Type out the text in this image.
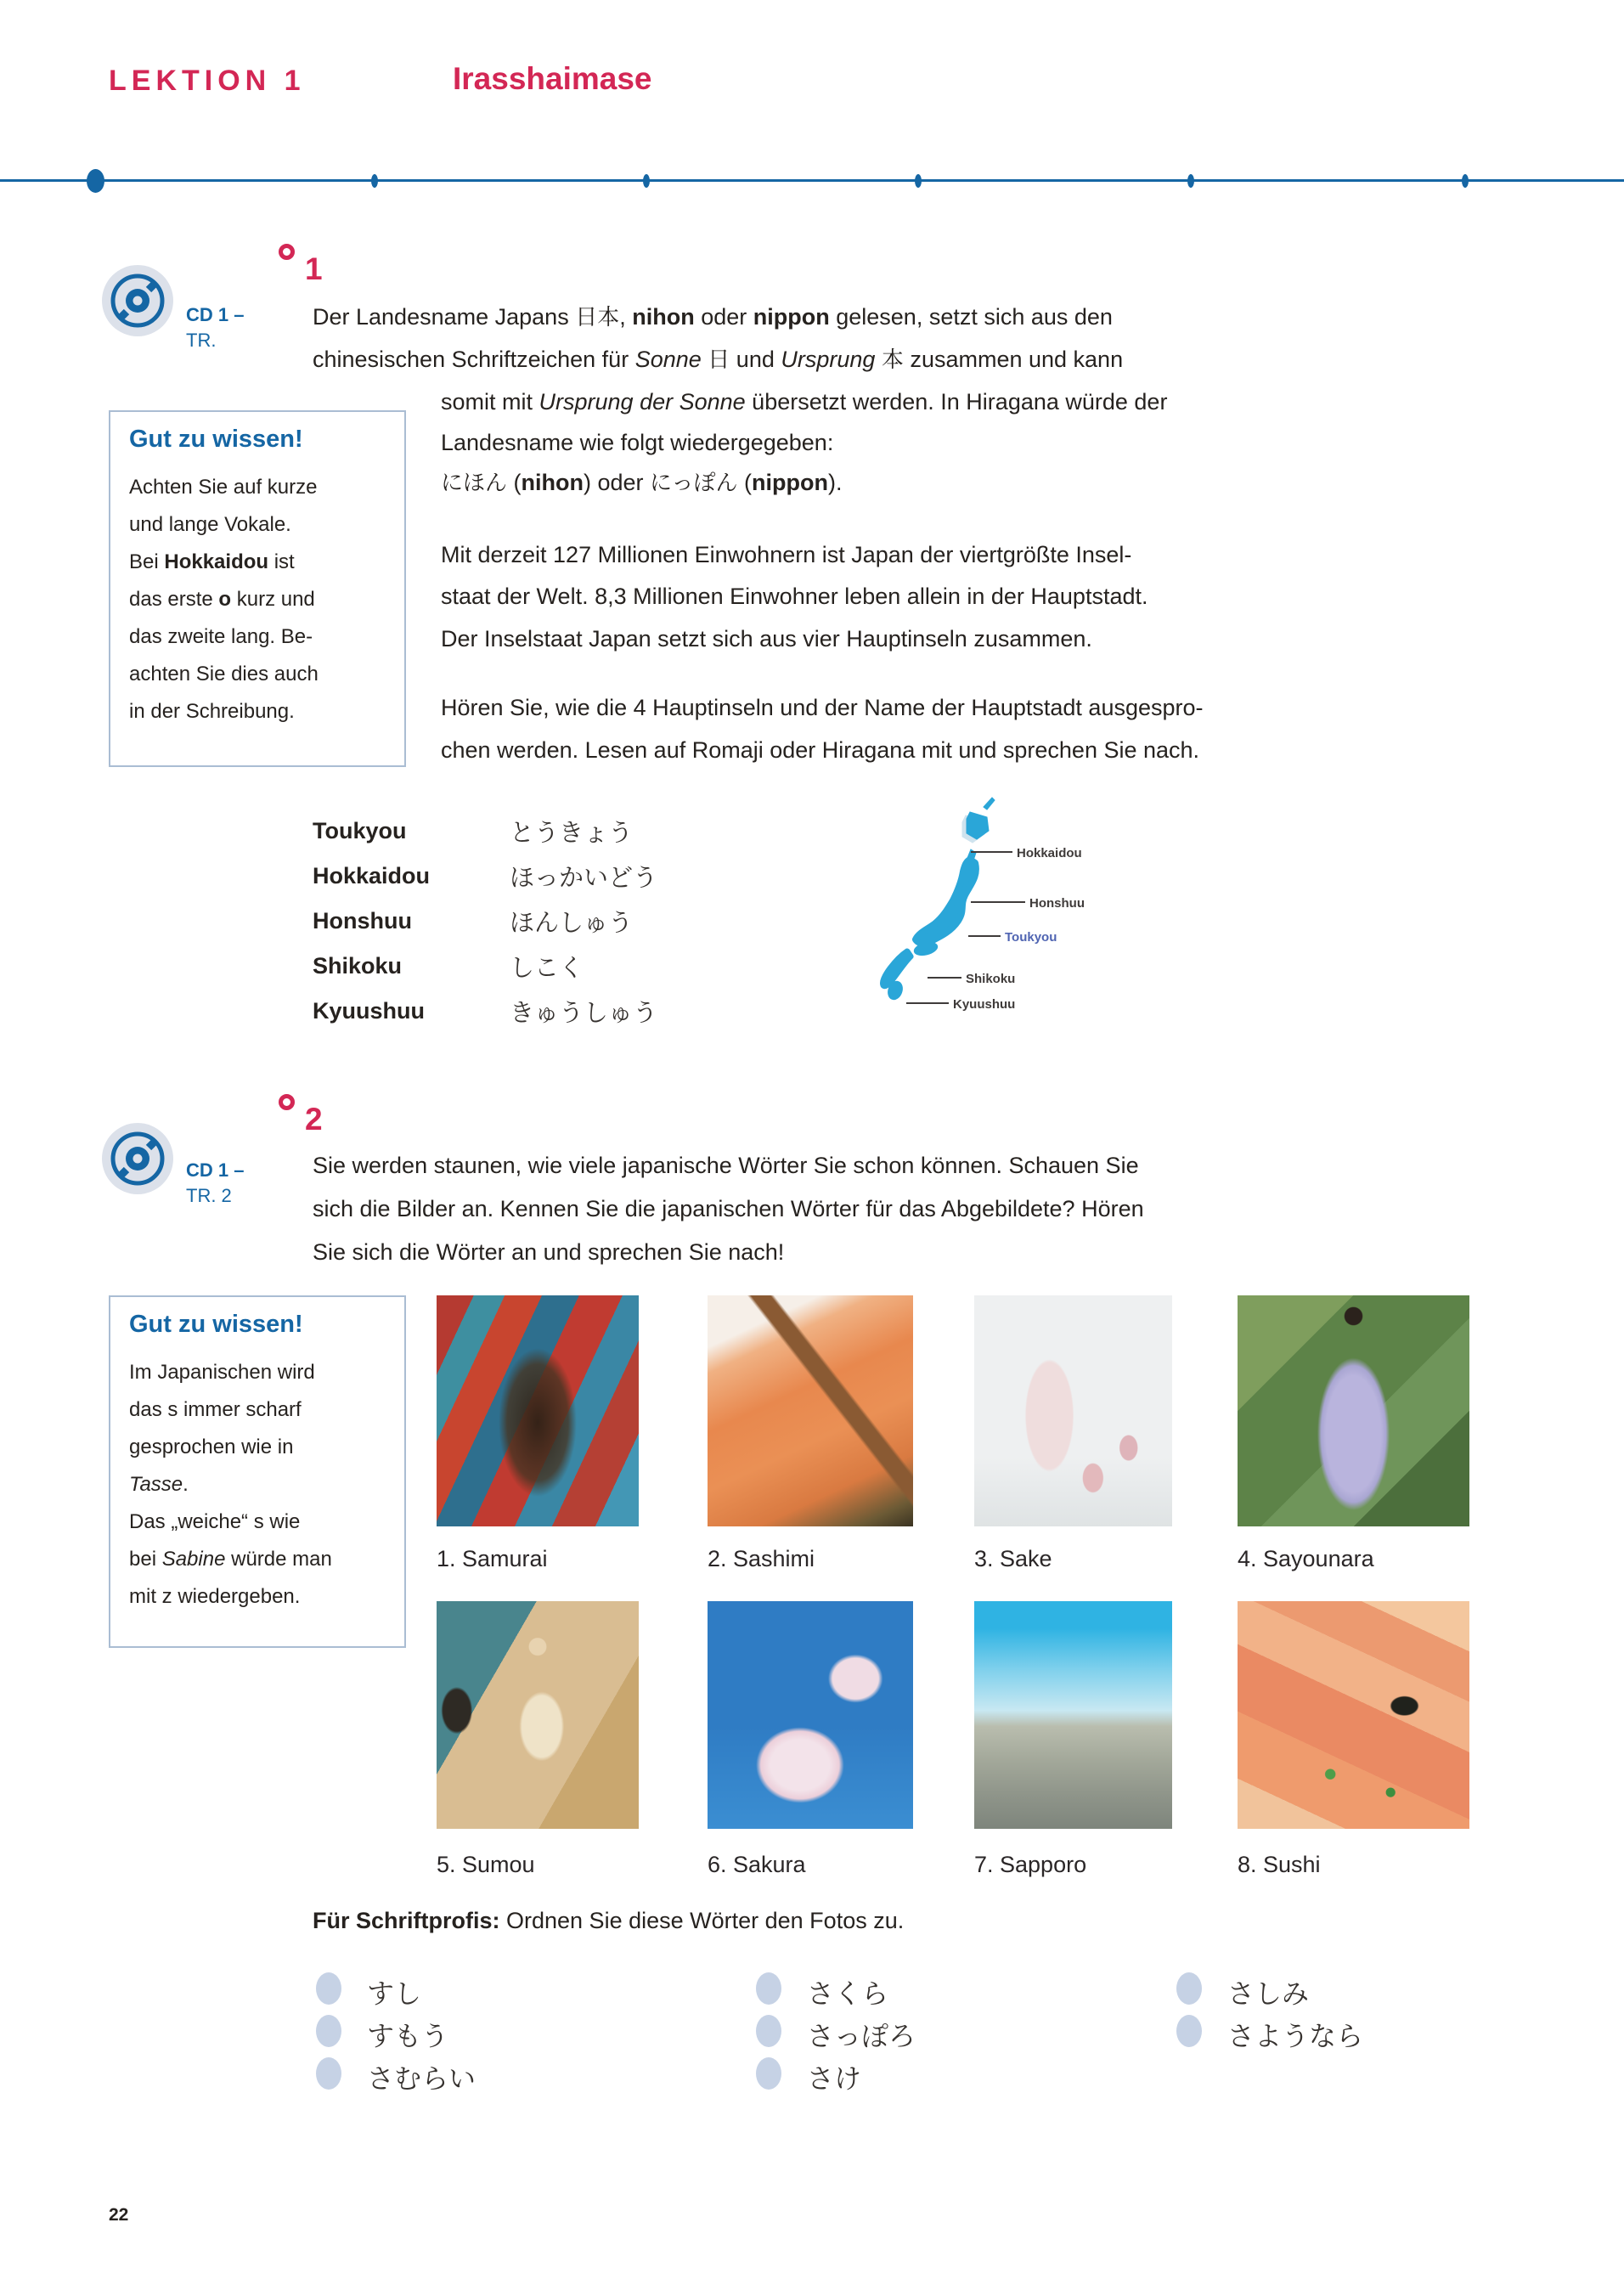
LEKTION 1	Irasshaimase
CD 1 –
TR.
1
Der Landesname Japans 日本, nihon oder nippon gelesen, setzt sich aus den
chinesischen Schriftzeichen für Sonne 日 und Ursprung 本 zusammen und kann
somit mit Ursprung der Sonne übersetzt werden. In Hiragana würde der
Landesname wie folgt wiedergegeben:
にほん (nihon) oder にっぽん (nippon).
Gut zu wissen!
Achten Sie auf kurze
und lange Vokale.
Bei Hokkaidou ist
das erste o kurz und
das zweite lang. Be-
achten Sie dies auch
in der Schreibung.
Mit derzeit 127 Millionen Einwohnern ist Japan der viertgrößte Insel-
staat der Welt. 8,3 Millionen Einwohner leben allein in der Hauptstadt.
Der Inselstaat Japan setzt sich aus vier Hauptinseln zusammen.
Hören Sie, wie die 4 Hauptinseln und der Name der Hauptstadt ausgespro-
chen werden. Lesen auf Romaji oder Hiragana mit und sprechen Sie nach.
Toukyou	とうきょう
Hokkaidou	ほっかいどう
Honshuu	ほんしゅう
Shikoku	しこく
Kyuushuu	きゅうしゅう
Hokkaidou
Honshuu
Toukyou
Shikoku
Kyuushuu
CD 1 –
TR. 2
2
Sie werden staunen, wie viele japanische Wörter Sie schon können. Schauen Sie
sich die Bilder an. Kennen Sie die japanischen Wörter für das Abgebildete? Hören
Sie sich die Wörter an und sprechen Sie nach!
Gut zu wissen!
Im Japanischen wird
das s immer scharf
gesprochen wie in
Tasse.
Das „weiche“ s wie
bei Sabine würde man
mit z wiedergeben.
1. Samurai	2. Sashimi	3. Sake	4. Sayounara
5. Sumou	6. Sakura	7. Sapporo	8. Sushi
Für Schriftprofis: Ordnen Sie diese Wörter den Fotos zu.
すし
すもう
さむらい
さくら
さっぽろ
さけ
さしみ
さようなら
22
